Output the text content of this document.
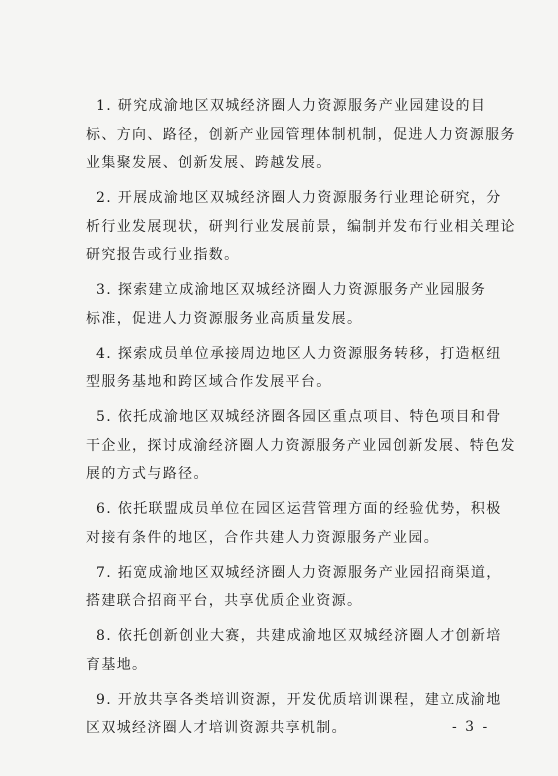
1. 研究成渝地区双城经济圈人力资源服务产业园建设的目
标、方向、路径，创新产业园管理体制机制，促进人力资源服务
业集聚发展、创新发展、跨越发展。

2. 开展成渝地区双城经济圈人力资源服务行业理论研究，分
析行业发展现状，研判行业发展前景，编制并发布行业相关理论
研究报告或行业指数。

3. 探索建立成渝地区双城经济圈人力资源服务产业园服务
标准，促进人力资源服务业高质量发展。

4. 探索成员单位承接周边地区人力资源服务转移，打造枢纽
型服务基地和跨区域合作发展平台。

5. 依托成渝地区双城经济圈各园区重点项目、特色项目和骨
干企业，探讨成渝经济圈人力资源服务产业园创新发展、特色发
展的方式与路径。

6. 依托联盟成员单位在园区运营管理方面的经验优势，积极
对接有条件的地区，合作共建人力资源服务产业园。

7. 拓宽成渝地区双城经济圈人力资源服务产业园招商渠道，
搭建联合招商平台，共享优质企业资源。

8. 依托创新创业大赛，共建成渝地区双城经济圈人才创新培
育基地。

9. 开放共享各类培训资源，开发优质培训课程，建立成渝地
区双城经济圈人才培训资源共享机制。	- 3 -
